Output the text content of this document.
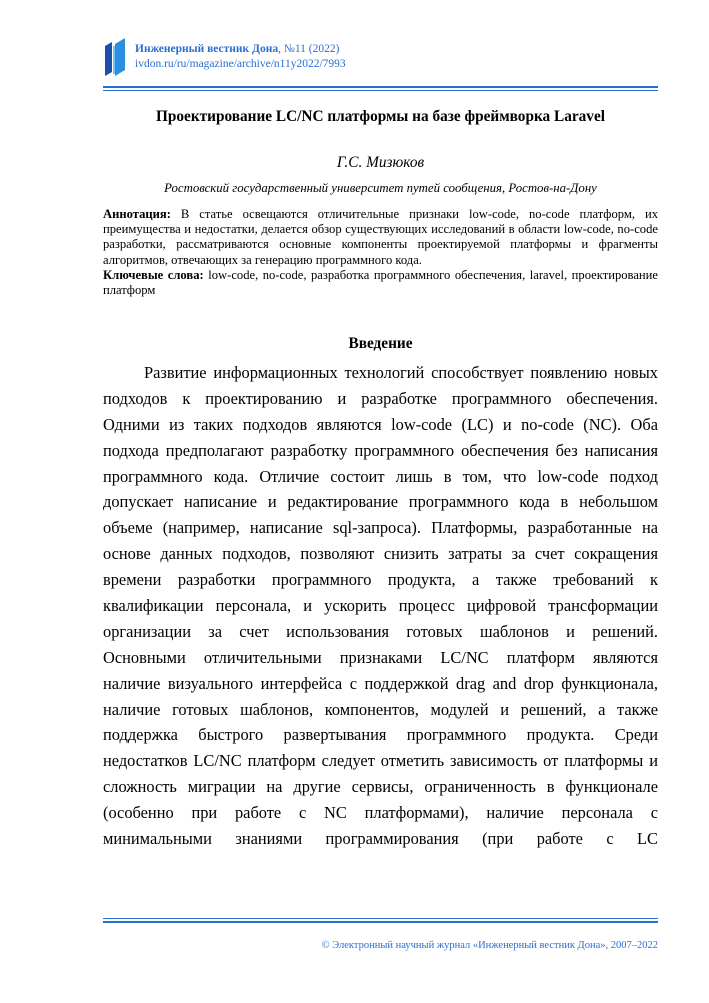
Инженерный вестник Дона, №11 (2022)
ivdon.ru/ru/magazine/archive/n11y2022/7993
Проектирование LC/NC платформы на базе фреймворка Laravel
Г.С. Мизюков
Ростовский государственный университет путей сообщения, Ростов-на-Дону
Аннотация: В статье освещаются отличительные признаки low-code, no-code платформ, их преимущества и недостатки, делается обзор существующих исследований в области low-code, no-code разработки, рассматриваются основные компоненты проектируемой платформы и фрагменты алгоритмов, отвечающих за генерацию программного кода.
Ключевые слова: low-code, no-code, разработка программного обеспечения, laravel, проектирование платформ
Введение
Развитие информационных технологий способствует появлению новых
подходов к проектированию и разработке программного обеспечения.
Одними из таких подходов являются low-code (LC) и no-code (NC). Оба
подхода предполагают разработку программного обеспечения без написания
программного кода. Отличие состоит лишь в том, что low-code подход
допускает написание и редактирование программного кода в небольшом
объеме (например, написание sql-запроса). Платформы, разработанные на
основе данных подходов, позволяют снизить затраты за счет сокращения
времени разработки программного продукта, а также требований к
квалификации персонала, и ускорить процесс цифровой трансформации
организации за счет использования готовых шаблонов и решений.
Основными отличительными признаками LC/NC платформ являются
наличие визуального интерфейса с поддержкой drag and drop функционала,
наличие готовых шаблонов, компонентов, модулей и решений, а также
поддержка быстрого развертывания программного продукта. Среди
недостатков LC/NC платформ следует отметить зависимость от платформы и
сложность миграции на другие сервисы, ограниченность в функционале
(особенно при работе с NC платформами), наличие персонала с
минимальными знаниями программирования (при работе с LC
© Электронный научный журнал «Инженерный вестник Дона», 2007–2022
